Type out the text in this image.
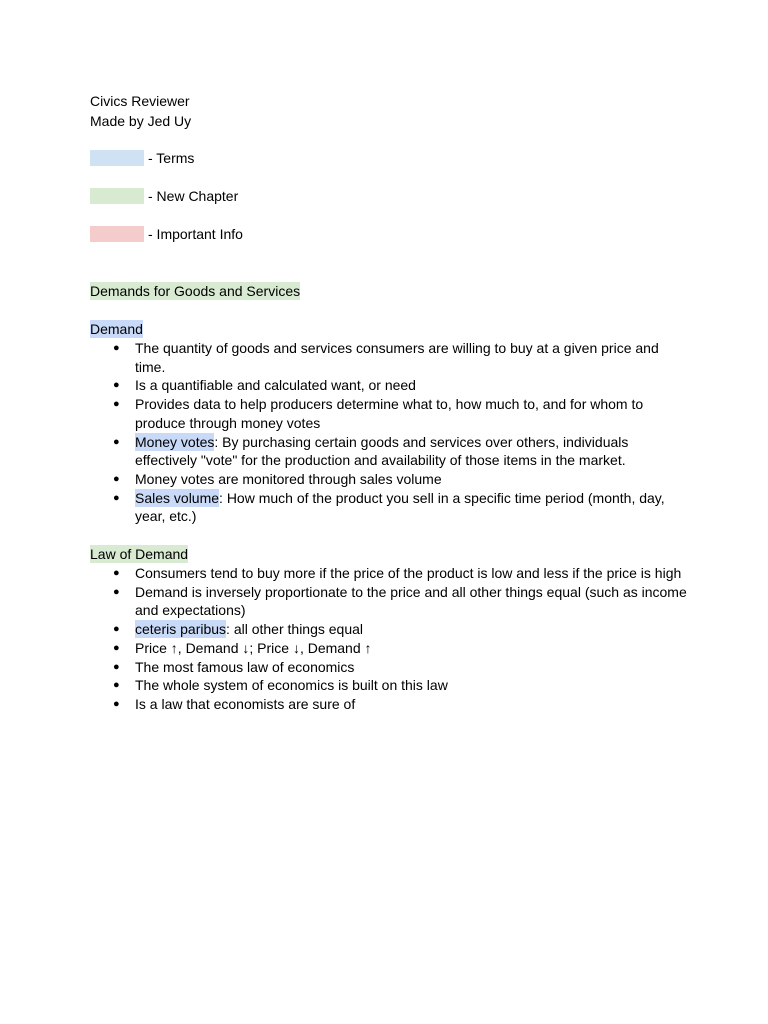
Civics Reviewer
Made by Jed Uy
- Terms
- New Chapter
- Important Info
Demands for Goods and Services
Demand
● The quantity of goods and services consumers are willing to buy at a given price and time.
● Is a quantifiable and calculated want, or need
● Provides data to help producers determine what to, how much to, and for whom to produce through money votes
● Money votes: By purchasing certain goods and services over others, individuals effectively "vote" for the production and availability of those items in the market.
● Money votes are monitored through sales volume
● Sales volume: How much of the product you sell in a specific time period (month, day, year, etc.)
Law of Demand
● Consumers tend to buy more if the price of the product is low and less if the price is high
● Demand is inversely proportionate to the price and all other things equal (such as income and expectations)
● ceteris paribus: all other things equal
● Price ↑, Demand ↓; Price ↓, Demand ↑
● The most famous law of economics
● The whole system of economics is built on this law
● Is a law that economists are sure of
